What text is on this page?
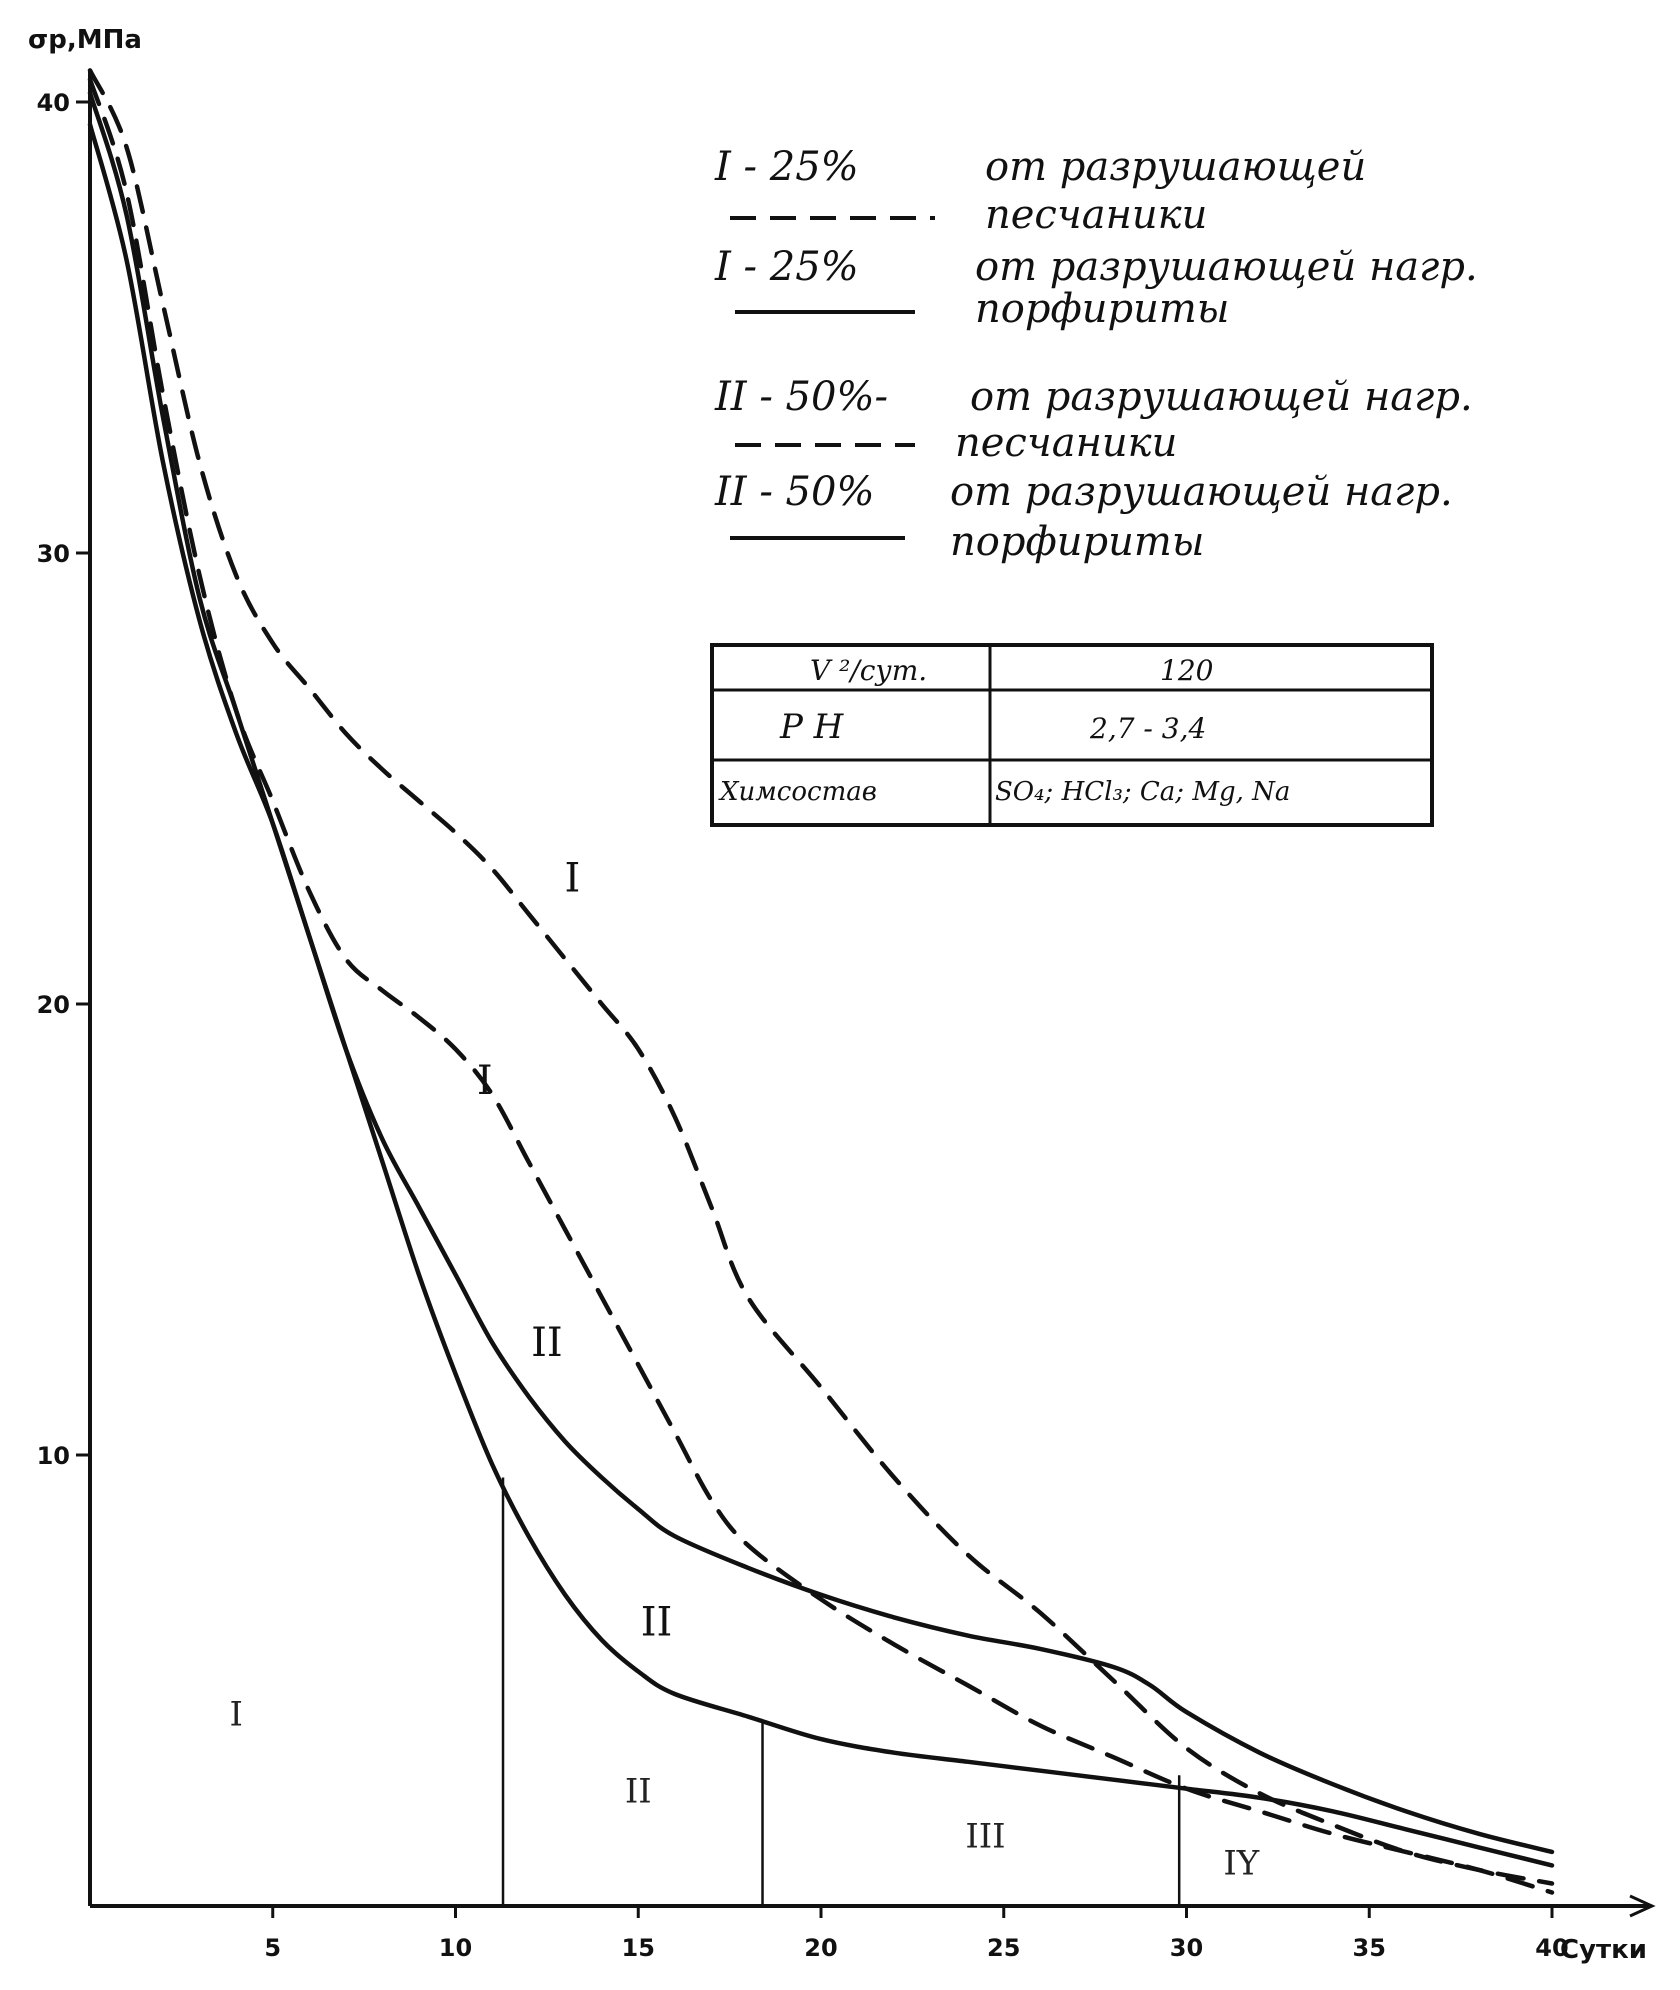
10
20
30
40
5	10	15	20	25	30	35	40
σр,МПа
Сутки
I
II
III
IY
I
I
II
II
I - 25%	от разрушающей
песчаники
I - 25%	от разрушающей нагр.
порфириты
II - 50%- от разрушающей нагр.
песчаники
II - 50% от разрушающей нагр.
порфириты
V ²/сут.	120
P H	2,7 - 3,4
Химсостав	SO₄; HCl₃; Ca; Mg, Na
